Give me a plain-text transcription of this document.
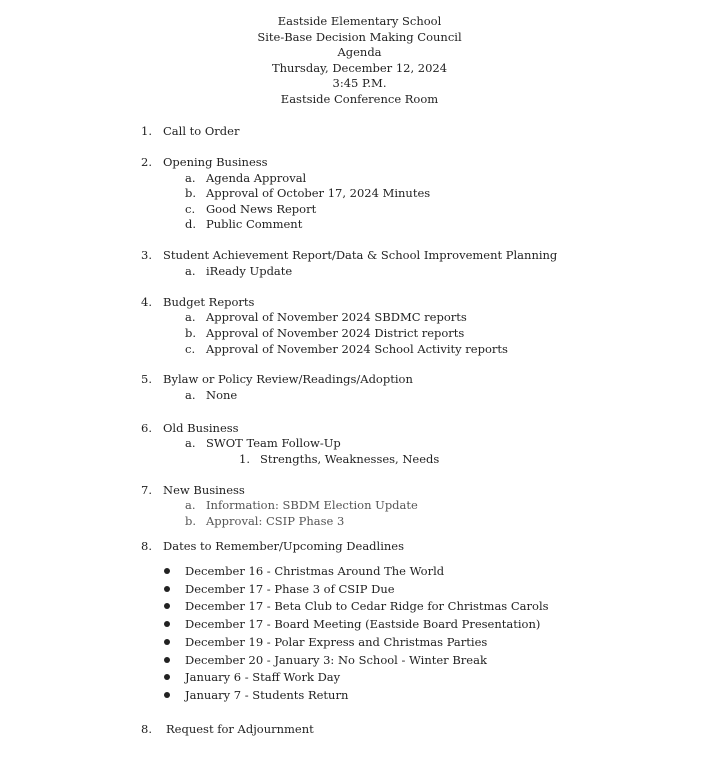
Eastside Elementary School
Site-Base Decision Making Council
Agenda
Thursday, December 12, 2024
3:45 P.M.
Eastside Conference Room
1. Call to Order
2. Opening Business
a. Agenda Approval
b. Approval of October 17, 2024 Minutes
c. Good News Report
d. Public Comment
3. Student Achievement Report/Data & School Improvement Planning
a. iReady Update
4. Budget Reports
a. Approval of November 2024 SBDMC reports
b. Approval of November 2024 District reports
c. Approval of November 2024 School Activity reports
5. Bylaw or Policy Review/Readings/Adoption
a. None
6. Old Business
a. SWOT Team Follow-Up
1. Strengths, Weaknesses, Needs
7. New Business
a. Information: SBDM Election Update
b. Approval: CSIP Phase 3
8. Dates to Remember/Upcoming Deadlines
December 16 - Christmas Around The World
December 17 - Phase 3 of CSIP Due
December 17 - Beta Club to Cedar Ridge for Christmas Carols
December 17 - Board Meeting (Eastside Board Presentation)
December 19 - Polar Express and Christmas Parties
December 20 - January 3: No School - Winter Break
January 6 - Staff Work Day
January 7 - Students Return
8. Request for Adjournment
